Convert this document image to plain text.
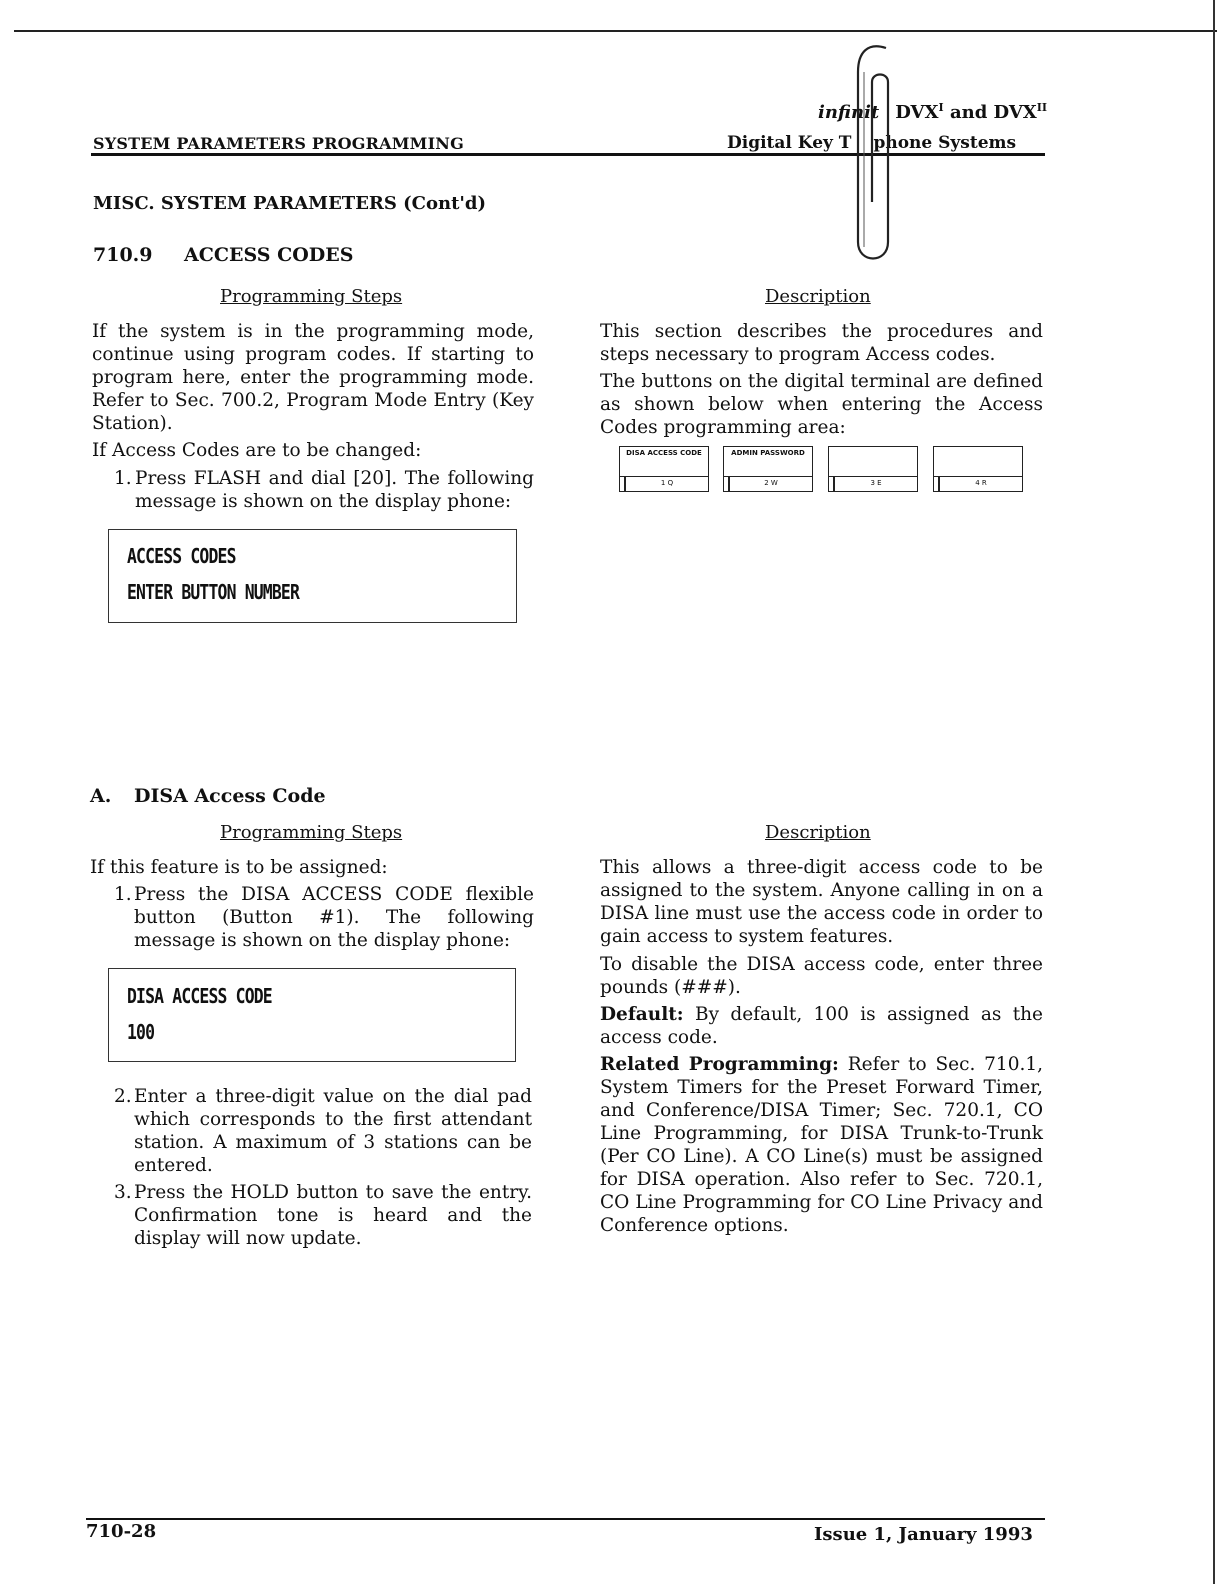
SYSTEM PARAMETERS PROGRAMMING
infinit $DVX^I$ and $DVX^{II}$
Digital Key T phone Systems
MISC. SYSTEM PARAMETERS (Cont'd)
710.9 ACCESS CODES
Programming Steps
If the system is in the programming mode, continue using program codes. If starting to program here, enter the programming mode. Refer to Sec. 700.2, Program Mode Entry (Key Station).
If Access Codes are to be changed:
1. Press FLASH and dial [20]. The following message is shown on the display phone:
ACCESS CODES
ENTER BUTTON NUMBER
Description
This section describes the procedures and steps necessary to program Access codes.
The buttons on the digital terminal are defined as shown below when entering the Access Codes programming area:
DISA ACCESS CODE
1 Q
ADMIN PASSWORD
2 W	3 E	4 R
A. DISA Access Code
Programming Steps
If this feature is to be assigned:
1. Press the DISA ACCESS CODE flexible button (Button #1). The following message is shown on the display phone:
DISA ACCESS CODE
100
2. Enter a three-digit value on the dial pad which corresponds to the first attendant station. A maximum of 3 stations can be entered.
3. Press the HOLD button to save the entry. Confirmation tone is heard and the display will now update.
Description
This allows a three-digit access code to be assigned to the system. Anyone calling in on a DISA line must use the access code in order to gain access to system features.
To disable the DISA access code, enter three pounds (###).
Default: By default, 100 is assigned as the access code.
Related Programming: Refer to Sec. 710.1, System Timers for the Preset Forward Timer, and Conference/DISA Timer; Sec. 720.1, CO Line Programming, for DISA Trunk-to-Trunk (Per CO Line). A CO Line(s) must be assigned for DISA operation. Also refer to Sec. 720.1, CO Line Programming for CO Line Privacy and Conference options.
710-28	Issue 1, January 1993
